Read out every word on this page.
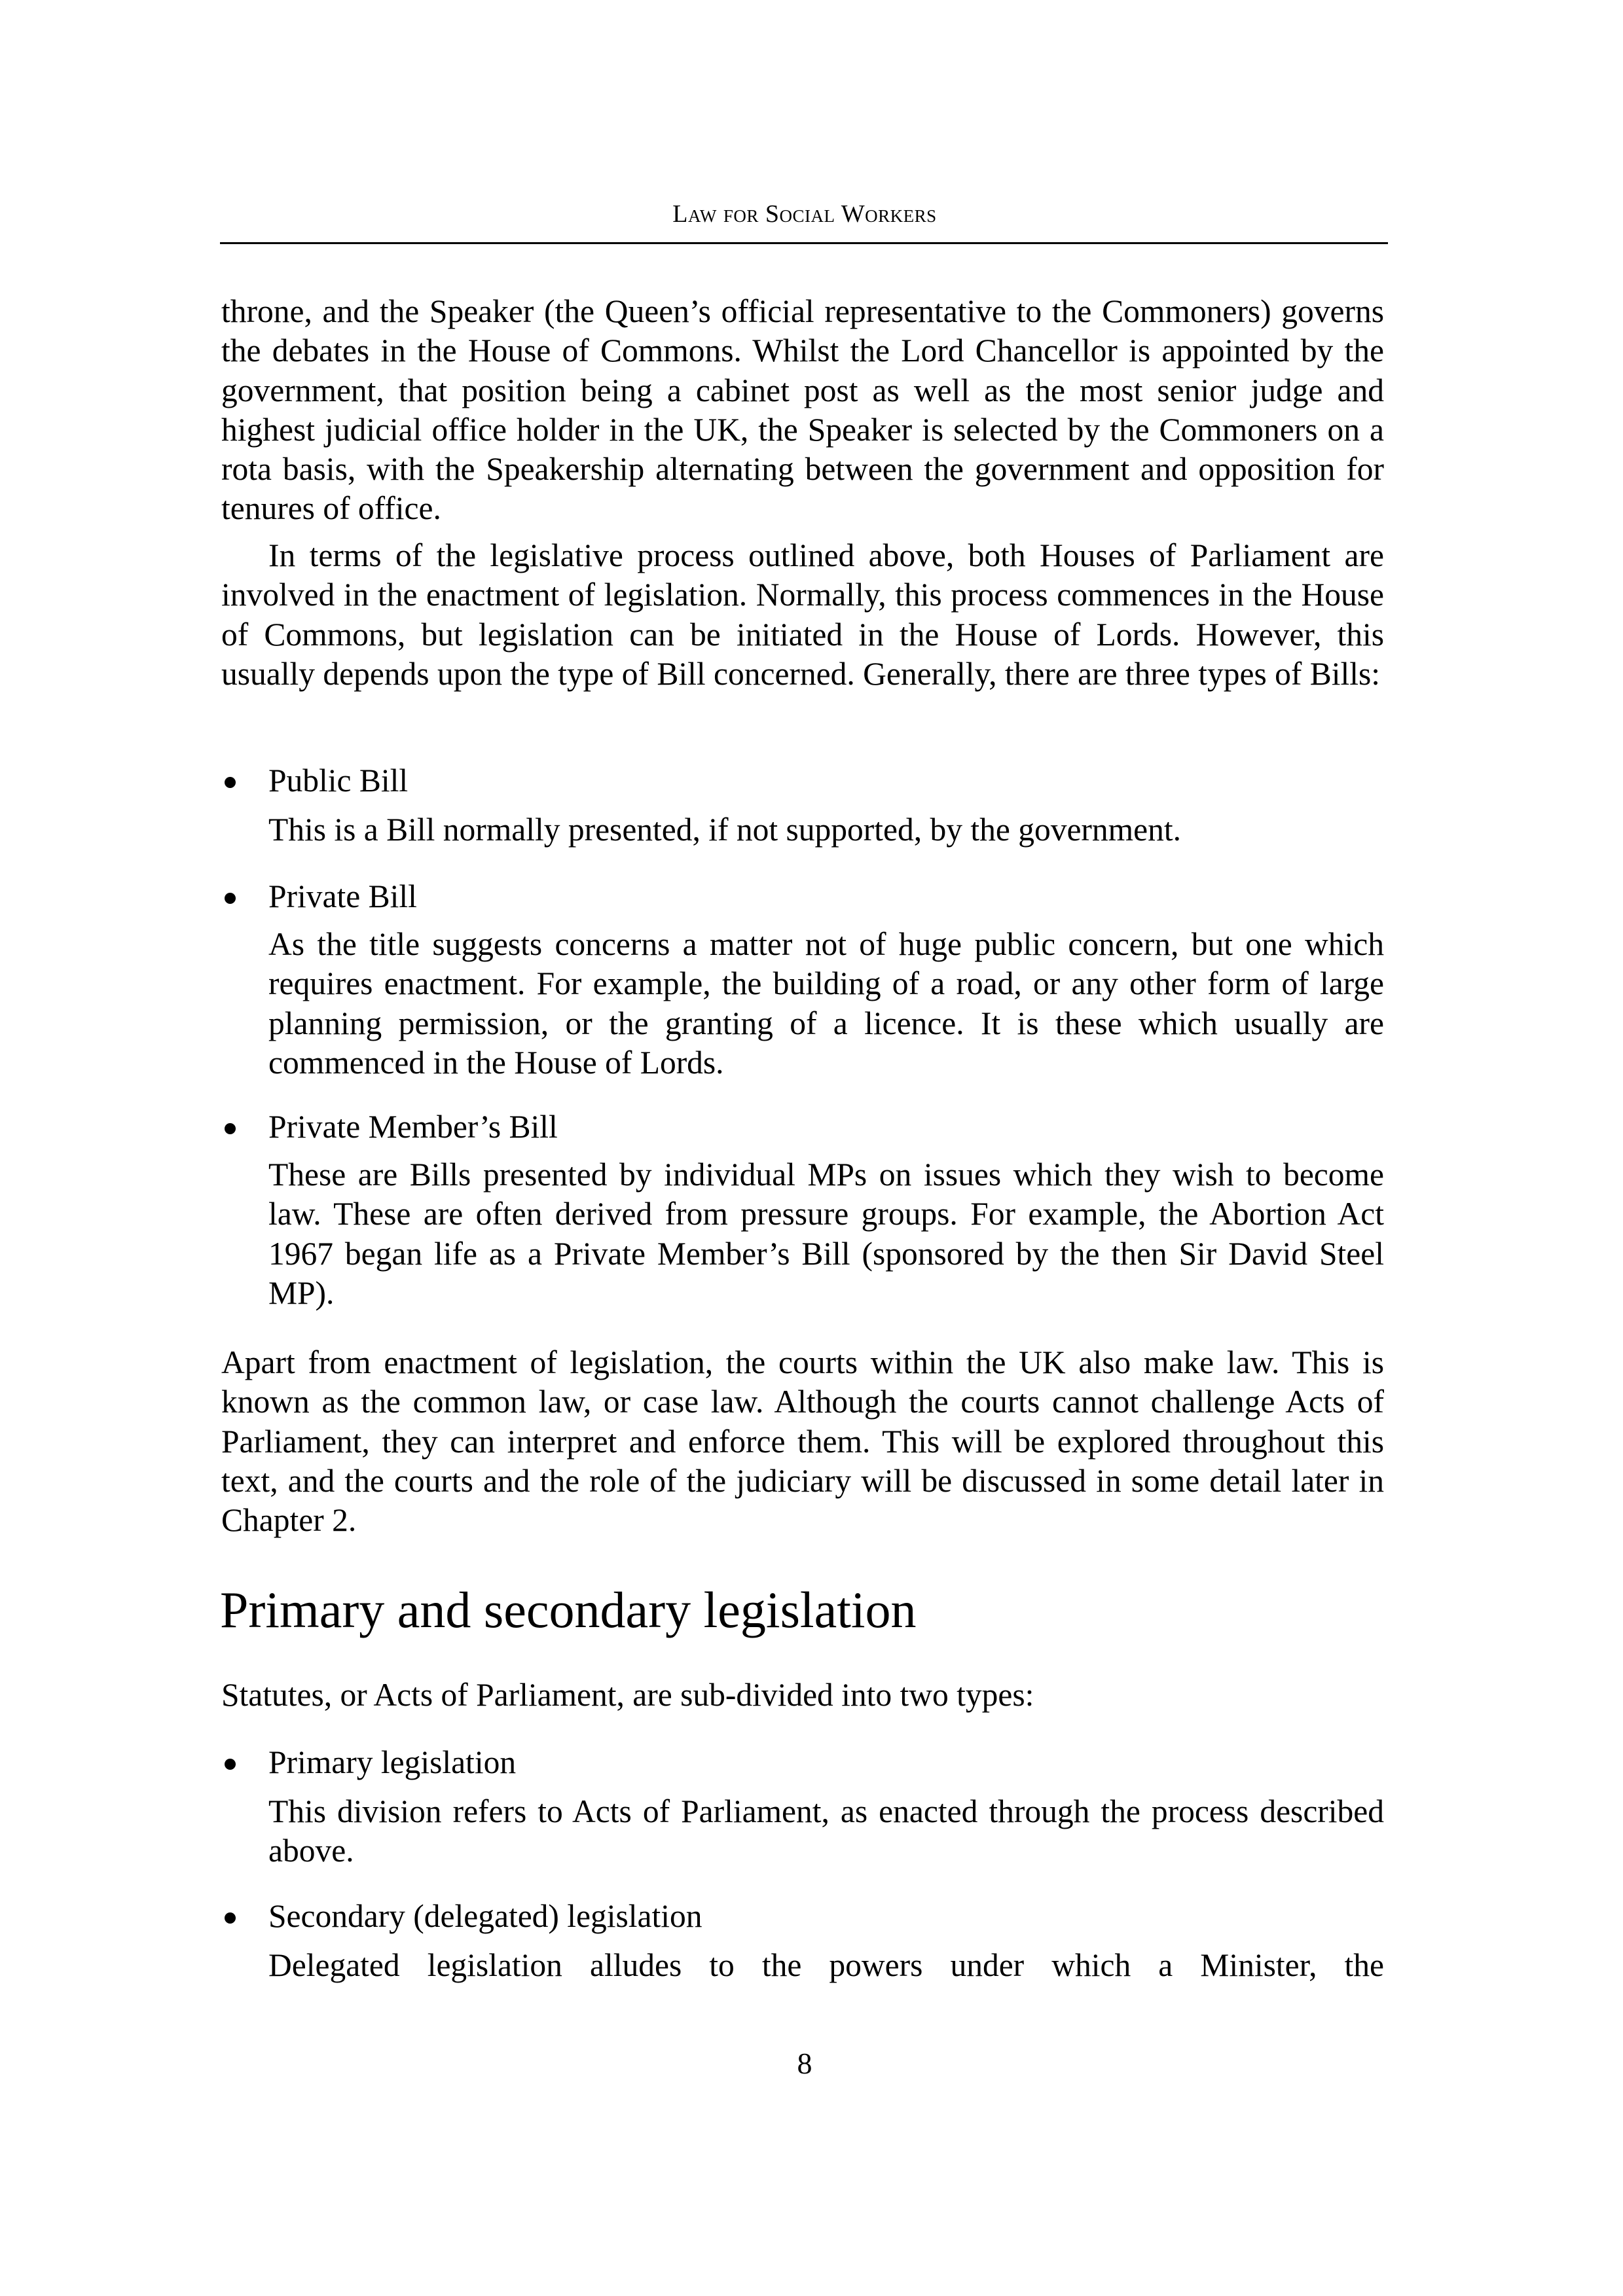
Law for Social Workers

throne, and the Speaker (the Queen’s official representative to the Commoners) governs the debates in the House of Commons. Whilst the Lord Chancellor is appointed by the government, that position being a cabinet post as well as the most senior judge and highest judicial office holder in the UK, the Speaker is selected by the Commoners on a rota basis, with the Speakership alternating between the government and opposition for tenures of office.

In terms of the legislative process outlined above, both Houses of Parliament are involved in the enactment of legislation. Normally, this process commences in the House of Commons, but legislation can be initiated in the House of Lords. However, this usually depends upon the type of Bill concerned. Generally, there are three types of Bills:

Public Bill
This is a Bill normally presented, if not supported, by the government.
Private Bill
As the title suggests concerns a matter not of huge public concern, but one which requires enactment. For example, the building of a road, or any other form of large planning permission, or the granting of a licence. It is these which usually are commenced in the House of Lords.
Private Member’s Bill
These are Bills presented by individual MPs on issues which they wish to become law. These are often derived from pressure groups. For example, the Abortion Act 1967 began life as a Private Member’s Bill (sponsored by the then Sir David Steel MP).

Apart from enactment of legislation, the courts within the UK also make law. This is known as the common law, or case law. Although the courts cannot challenge Acts of Parliament, they can interpret and enforce them. This will be explored throughout this text, and the courts and the role of the judiciary will be discussed in some detail later in Chapter 2.

Primary and secondary legislation

Statutes, or Acts of Parliament, are sub-divided into two types:

Primary legislation
This division refers to Acts of Parliament, as enacted through the process described above.
Secondary (delegated) legislation
Delegated legislation alludes to the powers under which a Minister, the
8
